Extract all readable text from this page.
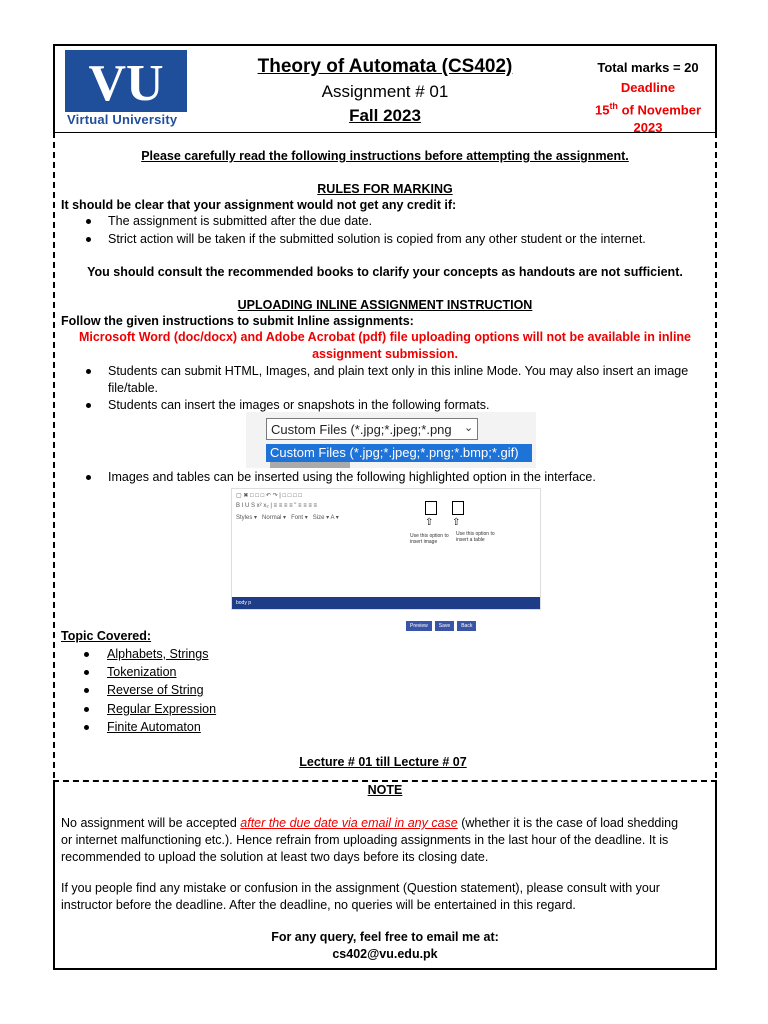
VU
Virtual University
Theory of Automata (CS402)
Assignment # 01
Fall 2023
Total marks = 20
Deadline
15th of November
2023
Please carefully read the following instructions before attempting the assignment.
RULES FOR MARKING
It should be clear that your assignment would not get any credit if:
The assignment is submitted after the due date.
Strict action will be taken if the submitted solution is copied from any other student or the internet.
You should consult the recommended books to clarify your concepts as handouts are not sufficient.
UPLOADING INLINE ASSIGNMENT INSTRUCTION
Follow the given instructions to submit Inline assignments:
Microsoft Word (doc/docx) and Adobe Acrobat (pdf) file uploading options will not be available in inline
assignment submission.
Students can submit HTML, Images, and plain text only in this inline Mode. You may also insert an image
file/table.
Students can insert the images or snapshots in the following formats.
Images and tables can be inserted using the following highlighted option in the interface.
Custom Files (*.jpg;*.jpeg;*.png	⌄
Custom Files (*.jpg;*.jpeg;*.png;*.bmp;*.gif)
▢ ✖ □ □ □ ↶ ↷ | □ □ □ □
B I U S x² x₂ | ≡ ≡ ≡ ≡ " ≡ ≡ ≡ ≡
Styles ▾   Normal ▾   Font ▾   Size ▾ A ▾	⇧ ⇧
Use this option to insert image
Use this option to insert a table
body p
Preview Save Back
Topic Covered:
Alphabets, Strings
Tokenization
Reverse of String
Regular Expression
Finite Automaton
Lecture # 01 till Lecture # 07
NOTE
No assignment will be accepted after the due date via email in any case (whether it is the case of load shedding
or internet malfunctioning etc.). Hence refrain from uploading assignments in the last hour of the deadline. It is
recommended to upload the solution at least two days before its closing date.
If you people find any mistake or confusion in the assignment (Question statement), please consult with your
instructor before the deadline. After the deadline, no queries will be entertained in this regard.
For any query, feel free to email me at:
cs402@vu.edu.pk
